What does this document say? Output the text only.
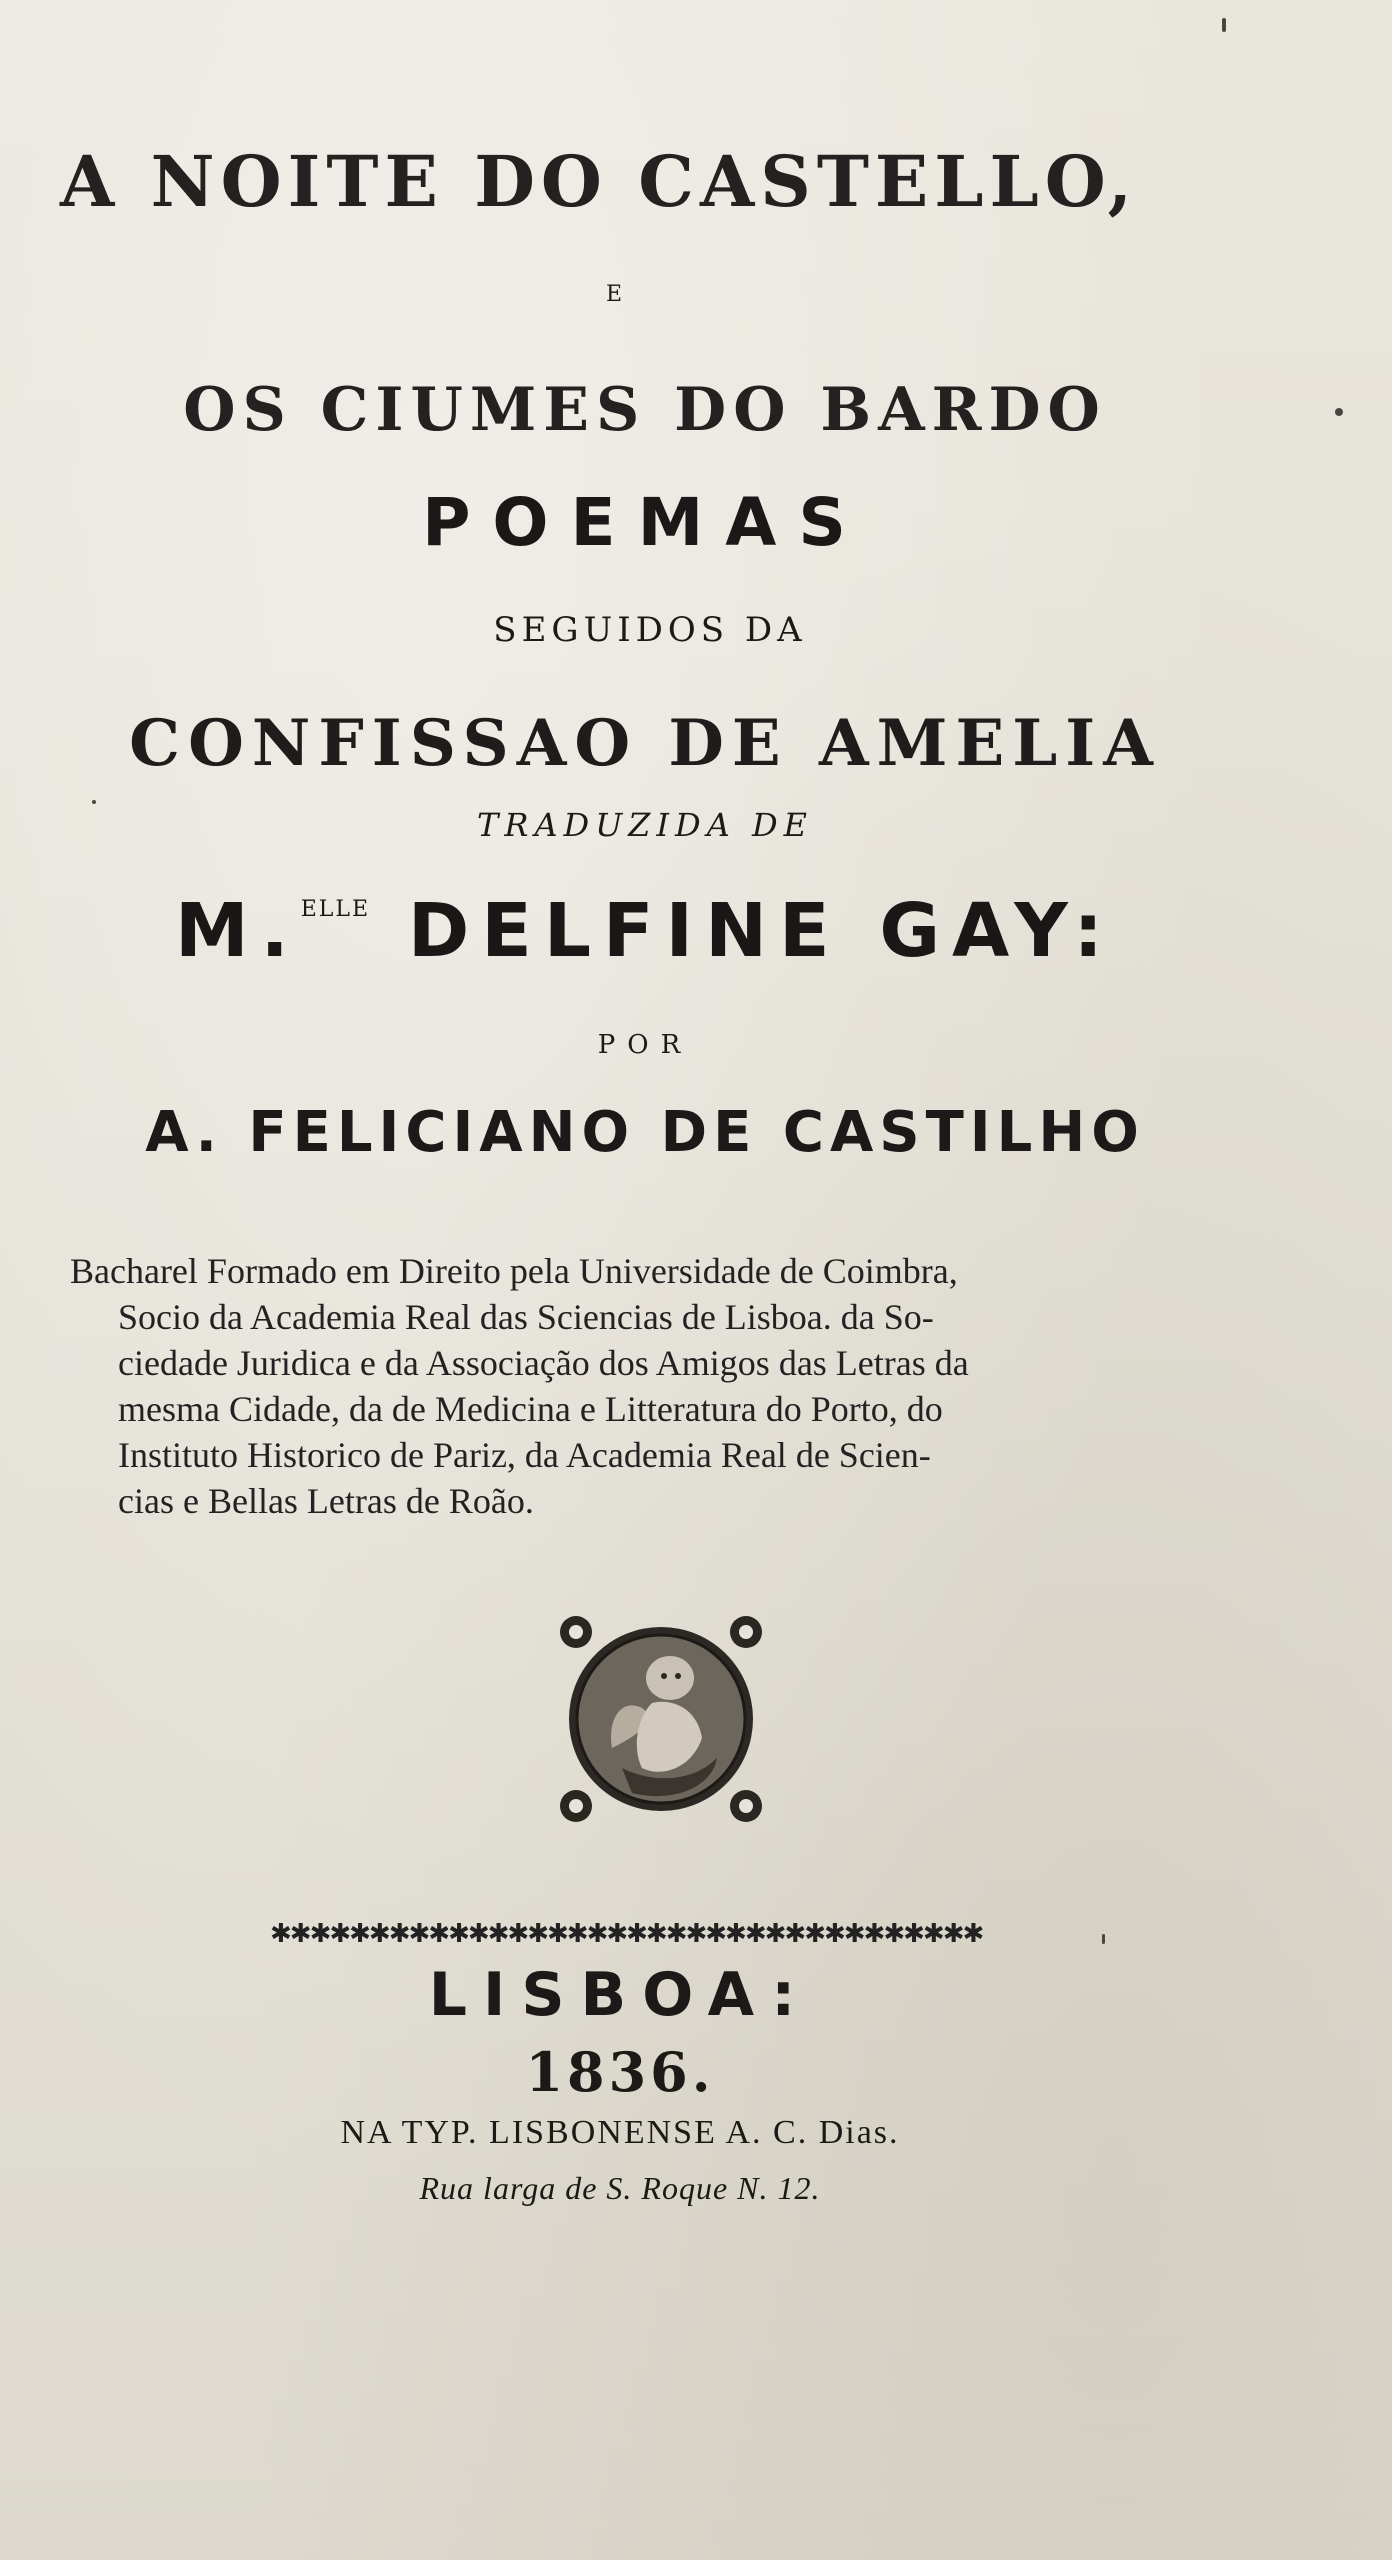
A NOITE DO CASTELLO,
E
OS CIUMES DO BARDO
POEMAS
SEGUIDOS DA
CONFISSAO DE AMELIA
TRADUZIDA DE
M.$^{ELLE}$ DELFINE GAY:
POR
A. FELICIANO DE CASTILHO
Bacharel Formado em Direito pela Universidade de Coimbra,
Socio da Academia Real das Sciencias de Lisboa. da So-
ciedade Juridica e da Associação dos Amigos das Letras da
mesma Cidade, da de Medicina e Litteratura do Porto, do
Instituto Historico de Pariz, da Academia Real de Scien-
cias e Bellas Letras de Roão.
✱✱✱✱✱✱✱✱✱✱✱✱✱✱✱✱✱✱✱✱✱✱✱✱✱✱✱✱✱✱✱✱✱✱✱✱
LISBOA:
1836.
NA TYP. LISBONENSE A. C. Dias.
Rua larga de S. Roque N. 12.
